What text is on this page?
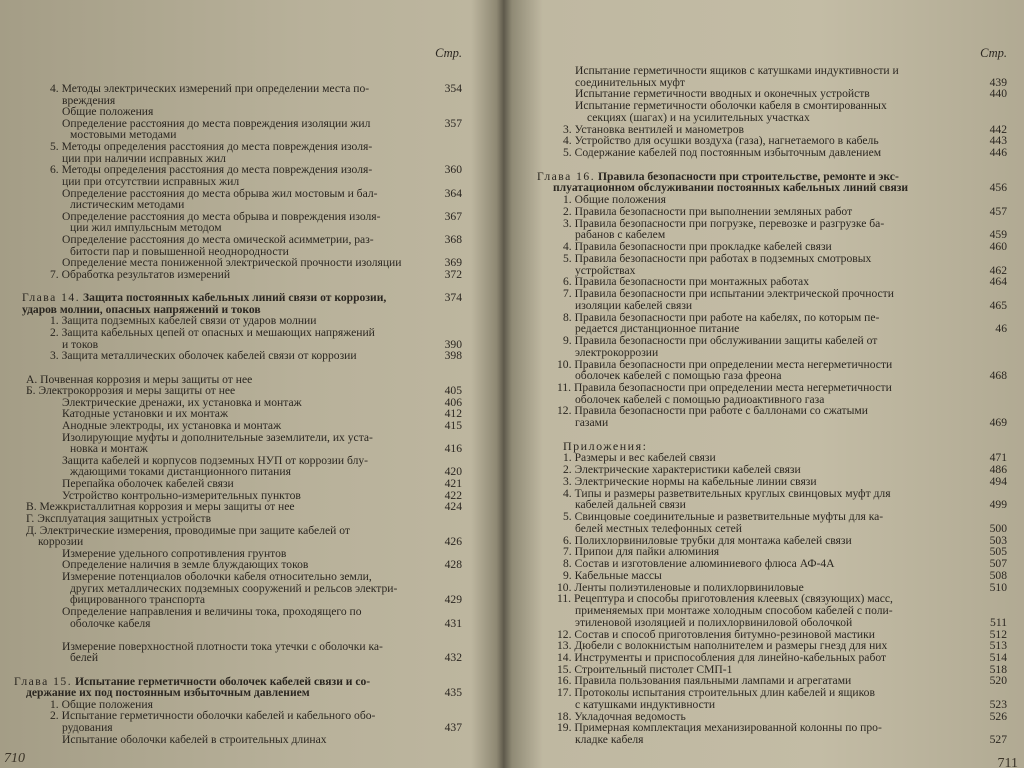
Стр.
4. Методы электрических измерений при определении места по-	354
вреждения
Общие положения
Определение расстояния до места повреждения изоляции жил	357
мостовыми методами
5. Методы определения расстояния до места повреждения изоля-
ции при наличии исправных жил
6. Методы определения расстояния до места повреждения изоля-	360
ции при отсутствии исправных жил
Определение расстояния до места обрыва жил мостовым и бал-	364
листическим методами
Определение расстояния до места обрыва и повреждения изоля-	367
ции жил импульсным методом
Определение расстояния до места омической асимметрии, раз-	368
битости пар и повышенной неоднородности
Определение места пониженной электрической прочности изоляции	369
7. Обработка результатов измерений	372
Глава 14. Защита постоянных кабельных линий связи от коррозии,	374
ударов молнии, опасных напряжений и токов
1. Защита подземных кабелей связи от ударов молнии
2. Защита кабельных цепей от опасных и мешающих напряжений
и токов	390
3. Защита металлических оболочек кабелей связи от коррозии	398
А. Почвенная коррозия и меры защиты от нее
Б. Электрокоррозия и меры защиты от нее	405
Электрические дренажи, их установка и монтаж	406
Катодные установки и их монтаж	412
Анодные электроды, их установка и монтаж	415
Изолирующие муфты и дополнительные заземлители, их уста-
новка и монтаж	416
Защита кабелей и корпусов подземных НУП от коррозии блу-
ждающими токами дистанционного питания	420
Перепайка оболочек кабелей связи	421
Устройство контрольно-измерительных пунктов	422
В. Межкристаллитная коррозия и меры защиты от нее	424
Г. Эксплуатация защитных устройств
Д. Электрические измерения, проводимые при защите кабелей от
коррозии	426
Измерение удельного сопротивления грунтов
Определение наличия в земле блуждающих токов	428
Измерение потенциалов оболочки кабеля относительно земли,
других металлических подземных сооружений и рельсов электри-
фицированного транспорта	429
Определение направления и величины тока, проходящего по
оболочке кабеля	431
Измерение поверхностной плотности тока утечки с оболочки ка-
белей	432
Глава 15. Испытание герметичности оболочек кабелей связи и со-
держание их под постоянным избыточным давлением	435
1. Общие положения
2. Испытание герметичности оболочки кабелей и кабельного обо-
рудования	437
Испытание оболочки кабелей в строительных длинах
710
Стр.
Испытание герметичности ящиков с катушками индуктивности и
соединительных муфт	439
Испытание герметичности вводных и оконечных устройств	440
Испытание герметичности оболочки кабеля в смонтированных
секциях (шагах) и на усилительных участках
3. Установка вентилей и манометров	442
4. Устройство для осушки воздуха (газа), нагнетаемого в кабель	443
5. Содержание кабелей под постоянным избыточным давлением	446
Глава 16. Правила безопасности при строительстве, ремонте и экс-
плуатационном обслуживании постоянных кабельных линий связи	456
1. Общие положения
2. Правила безопасности при выполнении земляных работ	457
3. Правила безопасности при погрузке, перевозке и разгрузке ба-
рабанов с кабелем	459
4. Правила безопасности при прокладке кабелей связи	460
5. Правила безопасности при работах в подземных смотровых
устройствах	462
6. Правила безопасности при монтажных работах	464
7. Правила безопасности при испытании электрической прочности
изоляции кабелей связи	465
8. Правила безопасности при работе на кабелях, по которым пе-
редается дистанционное питание	46
9. Правила безопасности при обслуживании защиты кабелей от
электрокоррозии
10. Правила безопасности при определении места негерметичности
оболочек кабелей с помощью газа фреона	468
11. Правила безопасности при определении места негерметичности
оболочек кабелей с помощью радиоактивного газа
12. Правила безопасности при работе с баллонами со сжатыми
газами	469
Приложения:
1. Размеры и вес кабелей связи	471
2. Электрические характеристики кабелей связи	486
3. Электрические нормы на кабельные линии связи	494
4. Типы и размеры разветвительных круглых свинцовых муфт для
кабелей дальней связи	499
5. Свинцовые соединительные и разветвительные муфты для ка-
белей местных телефонных сетей	500
6. Полихлорвиниловые трубки для монтажа кабелей связи	503
7. Припои для пайки алюминия	505
8. Состав и изготовление алюминиевого флюса АФ-4А	507
9. Кабельные массы	508
10. Ленты полиэтиленовые и полихлорвиниловые	510
11. Рецептура и способы приготовления клеевых (связующих) масс,
применяемых при монтаже холодным способом кабелей с поли-
этиленовой изоляцией и полихлорвиниловой оболочкой	511
12. Состав и способ приготовления битумно-резиновой мастики	512
13. Дюбели с волокнистым наполнителем и размеры гнезд для них	513
14. Инструменты и приспособления для линейно-кабельных работ	514
15. Строительный пистолет СМП-1	518
16. Правила пользования паяльными лампами и агрегатами	520
17. Протоколы испытания строительных длин кабелей и ящиков
с катушками индуктивности	523
18. Укладочная ведомость	526
19. Примерная комплектация механизированной колонны по про-
кладке кабеля	527
711
